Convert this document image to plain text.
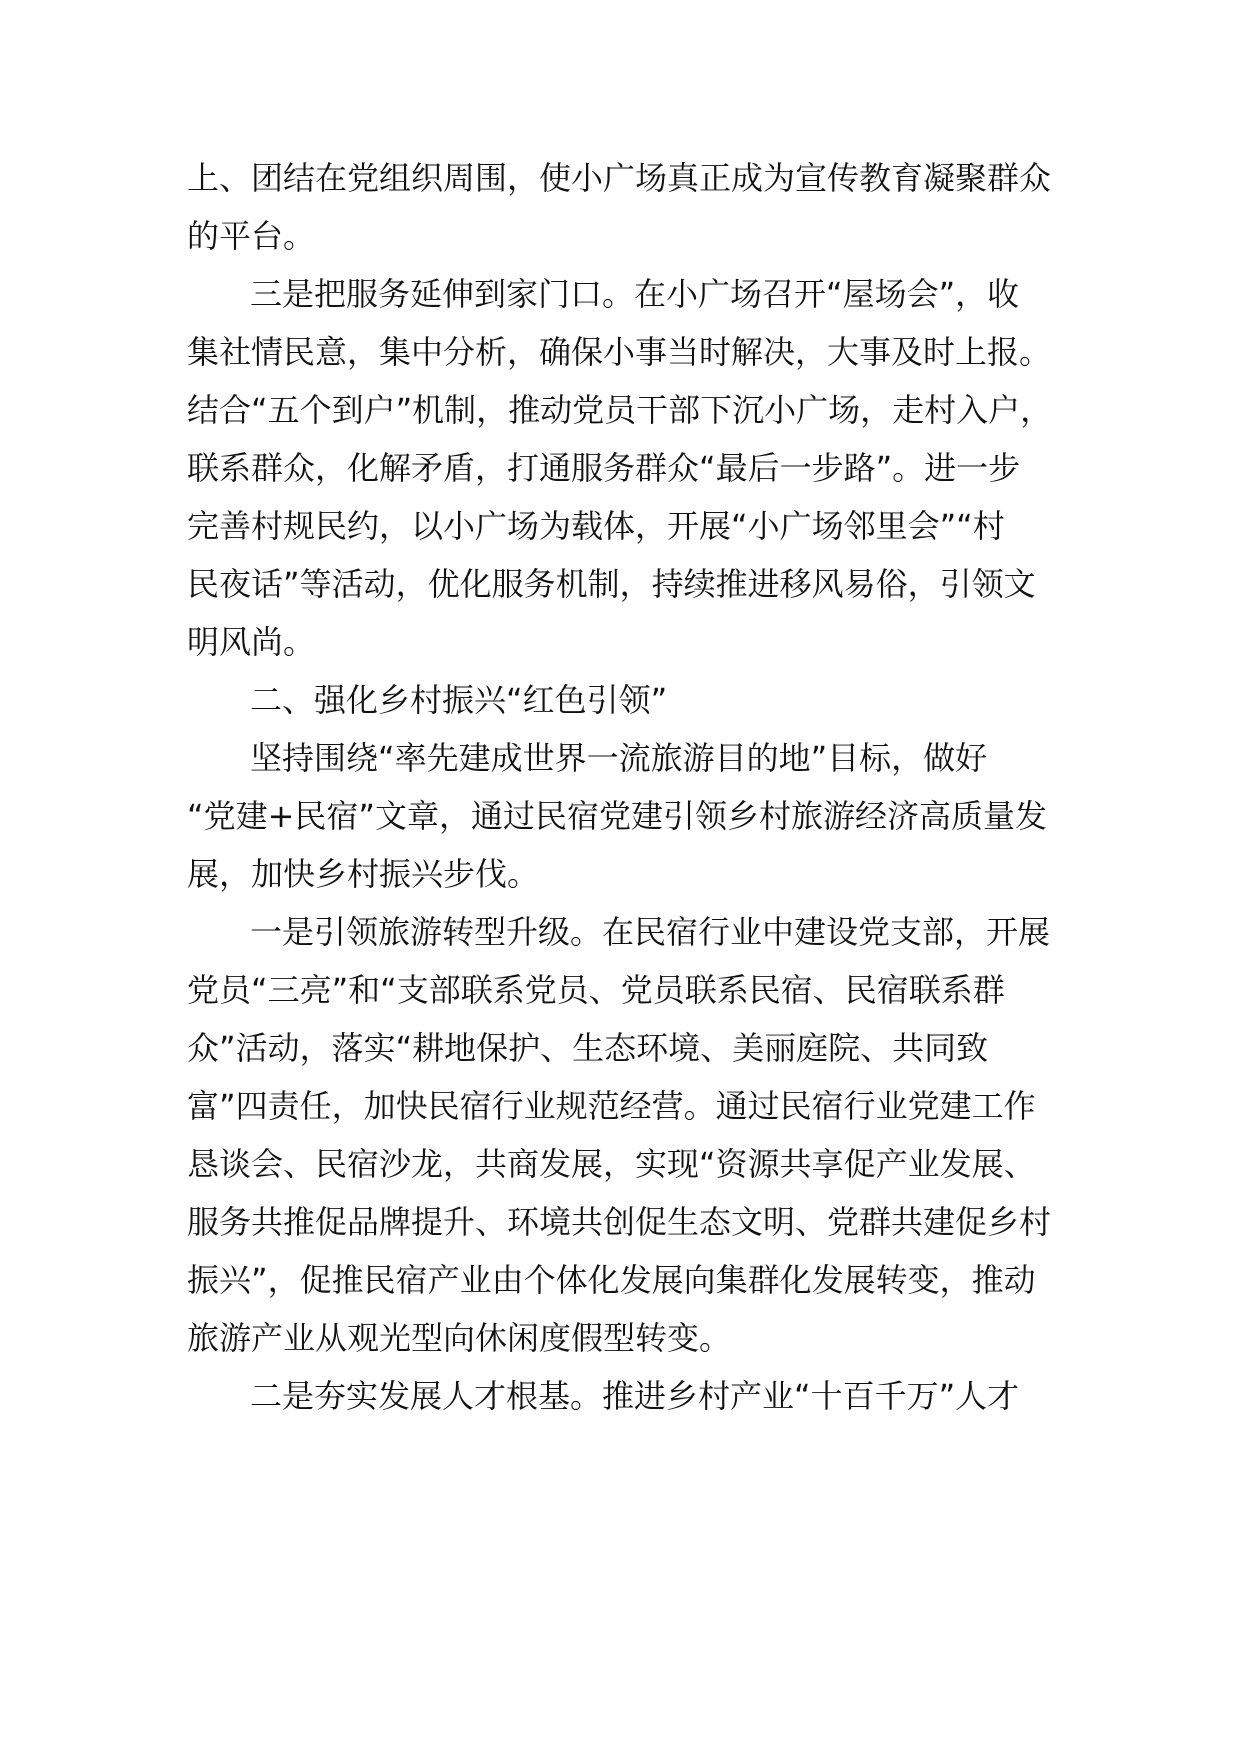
上、团结在党组织周围，使小广场真正成为宣传教育凝聚群众
的平台。
三是把服务延伸到家门口。在小广场召开“屋场会”，收
集社情民意，集中分析，确保小事当时解决，大事及时上报。
结合“五个到户”机制，推动党员干部下沉小广场，走村入户，
联系群众，化解矛盾，打通服务群众“最后一步路”。进一步
完善村规民约，以小广场为载体，开展“小广场邻里会”“村
民夜话”等活动，优化服务机制，持续推进移风易俗，引领文
明风尚。
二、强化乡村振兴“红色引领”
坚持围绕“率先建成世界一流旅游目的地”目标，做好
“党建+民宿”文章，通过民宿党建引领乡村旅游经济高质量发
展，加快乡村振兴步伐。
一是引领旅游转型升级。在民宿行业中建设党支部，开展
党员“三亮”和“支部联系党员、党员联系民宿、民宿联系群
众”活动，落实“耕地保护、生态环境、美丽庭院、共同致
富”四责任，加快民宿行业规范经营。通过民宿行业党建工作
恳谈会、民宿沙龙，共商发展，实现“资源共享促产业发展、
服务共推促品牌提升、环境共创促生态文明、党群共建促乡村
振兴”，促推民宿产业由个体化发展向集群化发展转变，推动
旅游产业从观光型向休闲度假型转变。
二是夯实发展人才根基。推进乡村产业“十百千万”人才
